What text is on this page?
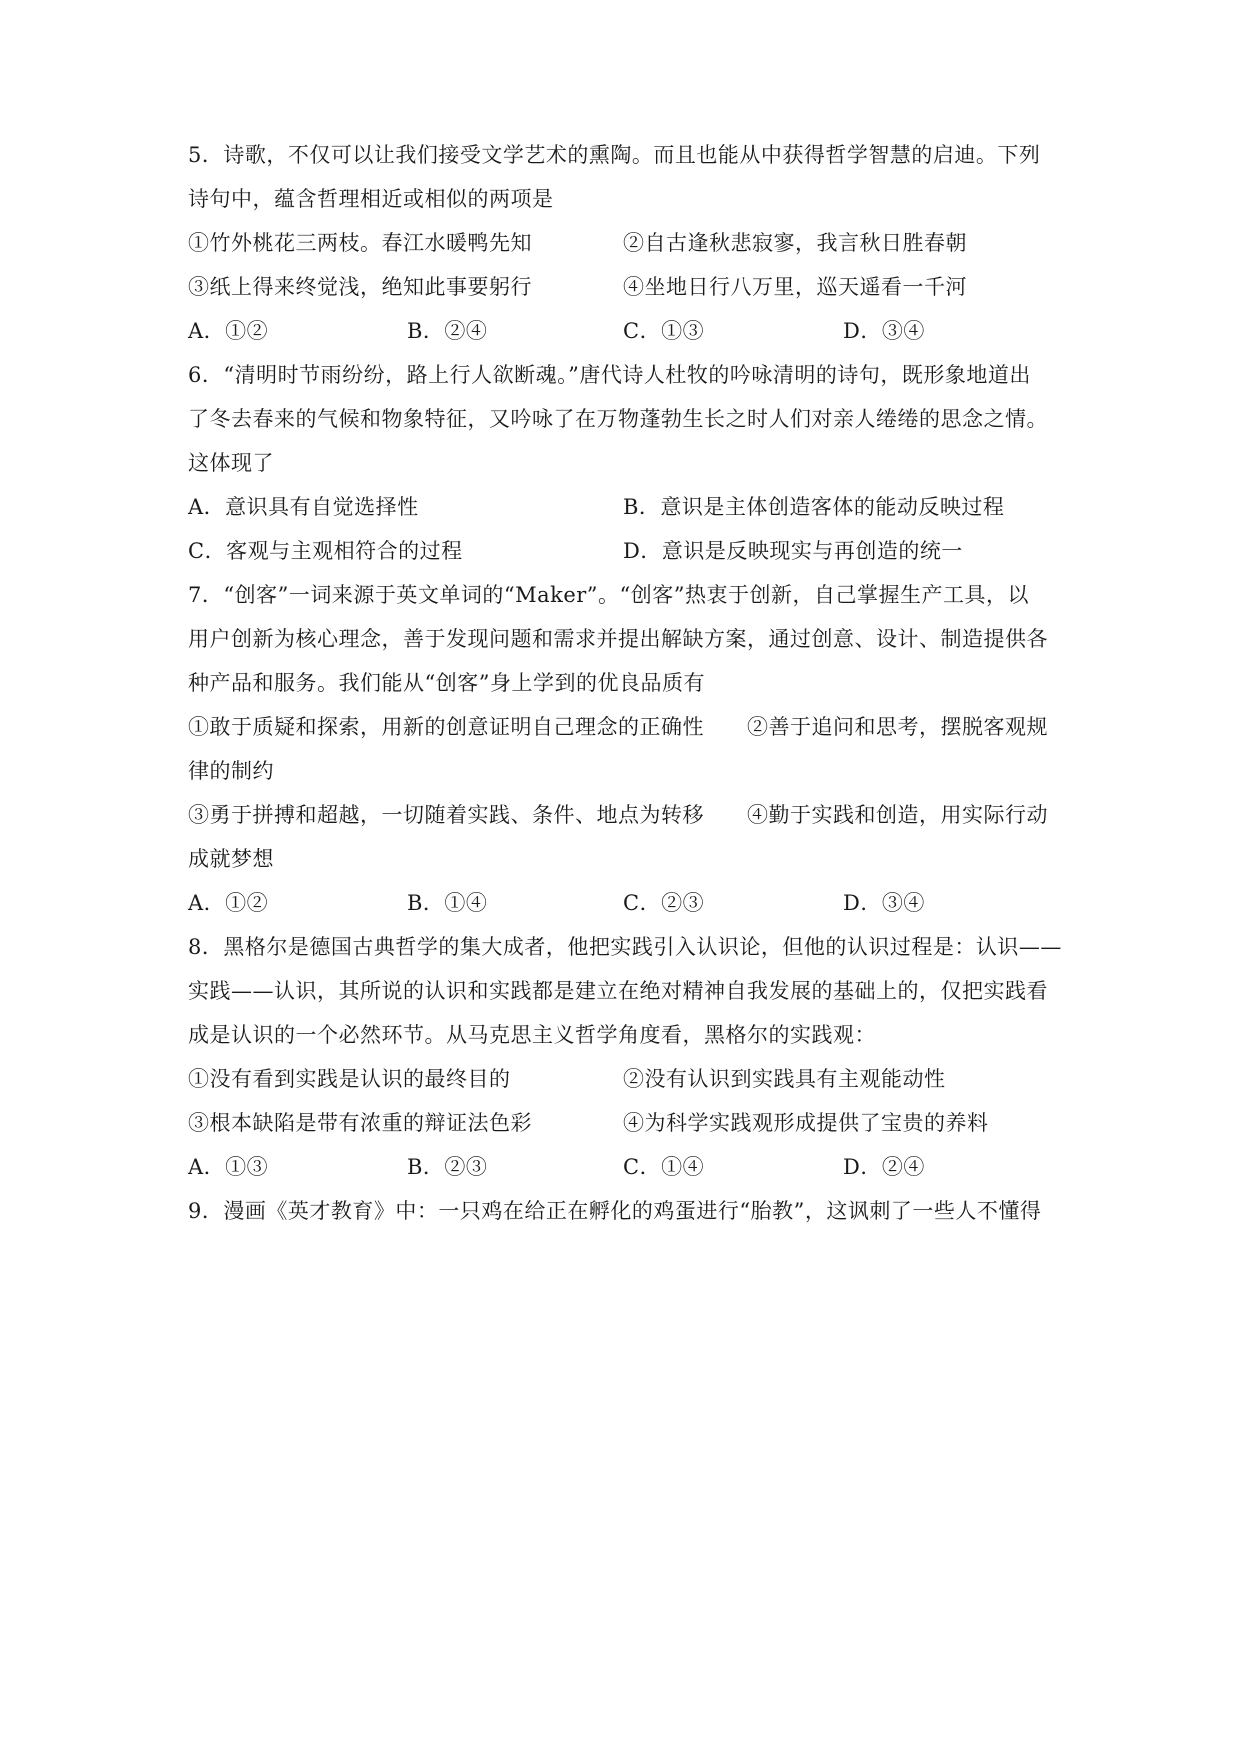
5．诗歌，不仅可以让我们接受文学艺术的熏陶。而且也能从中获得哲学智慧的启迪。下列
诗句中，蕴含哲理相近或相似的两项是
①竹外桃花三两枝。春江水暖鸭先知	②自古逢秋悲寂寥，我言秋日胜春朝
③纸上得来终觉浅，绝知此事要躬行	④坐地日行八万里，巡天遥看一千河
A．①②	B．②④	C．①③	D．③④
6．“清明时节雨纷纷，路上行人欲断魂。”唐代诗人杜牧的吟咏清明的诗句，既形象地道出
了冬去春来的气候和物象特征，又吟咏了在万物蓬勃生长之时人们对亲人绻绻的思念之情。
这体现了
A．意识具有自觉选择性	B．意识是主体创造客体的能动反映过程
C．客观与主观相符合的过程	D．意识是反映现实与再创造的统一
7．“创客”一词来源于英文单词的“Maker”。“创客”热衷于创新，自己掌握生产工具，以
用户创新为核心理念，善于发现问题和需求并提出解缺方案，通过创意、设计、制造提供各
种产品和服务。我们能从“创客”身上学到的优良品质有
①敢于质疑和探索，用新的创意证明自己理念的正确性　　②善于追问和思考，摆脱客观规
律的制约
③勇于拼搏和超越，一切随着实践、条件、地点为转移　　④勤于实践和创造，用实际行动
成就梦想
A．①②	B．①④	C．②③	D．③④
8．黑格尔是德国古典哲学的集大成者，他把实践引入认识论，但他的认识过程是：认识——
实践——认识，其所说的认识和实践都是建立在绝对精神自我发展的基础上的，仅把实践看
成是认识的一个必然环节。从马克思主义哲学角度看，黑格尔的实践观：
①没有看到实践是认识的最终目的	②没有认识到实践具有主观能动性
③根本缺陷是带有浓重的辩证法色彩	④为科学实践观形成提供了宝贵的养料
A．①③	B．②③	C．①④	D．②④
9．漫画《英才教育》中：一只鸡在给正在孵化的鸡蛋进行“胎教”，这讽刺了一些人不懂得
